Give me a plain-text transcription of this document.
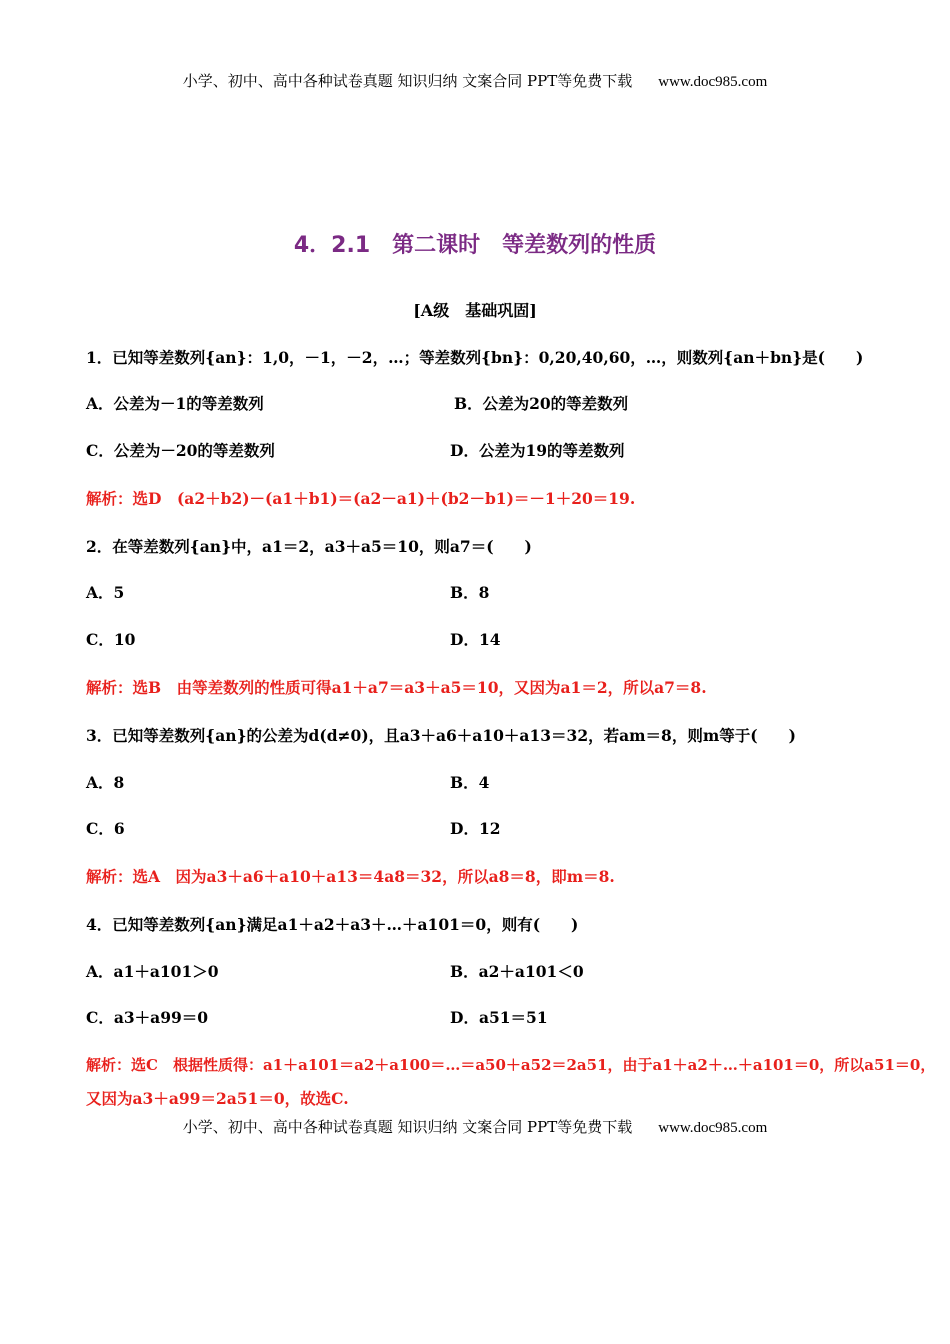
小学、初中、高中各种试卷真题 知识归纳 文案合同 PPT等免费下载 www.doc985.com
4．2.1　第二课时　等差数列的性质
[A级　基础巩固]
1．已知等差数列{an}：1,0，－1，－2，…；等差数列{bn}：0,20,40,60，…，则数列{an＋bn}是(　　)
A．公差为－1的等差数列	B．公差为20的等差数列
C．公差为－20的等差数列	D．公差为19的等差数列
解析：选D　(a2＋b2)－(a1＋b1)＝(a2－a1)＋(b2－b1)＝－1＋20＝19.
2．在等差数列{an}中，a1＝2，a3＋a5＝10，则a7＝(　　)
A．5	B．8
C．10	D．14
解析：选B　由等差数列的性质可得a1＋a7＝a3＋a5＝10，又因为a1＝2，所以a7＝8.
3．已知等差数列{an}的公差为d(d≠0)，且a3＋a6＋a10＋a13＝32，若am＝8，则m等于(　　)
A．8	B．4
C．6	D．12
解析：选A　因为a3＋a6＋a10＋a13＝4a8＝32，所以a8＝8，即m＝8.
4．已知等差数列{an}满足a1＋a2＋a3＋…＋a101＝0，则有(　　)
A．a1＋a101＞0	B．a2＋a101＜0
C．a3＋a99＝0	D．a51＝51
解析：选C　根据性质得：a1＋a101＝a2＋a100＝…＝a50＋a52＝2a51，由于a1＋a2＋…＋a101＝0，所以a51＝0，
又因为a3＋a99＝2a51＝0，故选C.
小学、初中、高中各种试卷真题 知识归纳 文案合同 PPT等免费下载 www.doc985.com
